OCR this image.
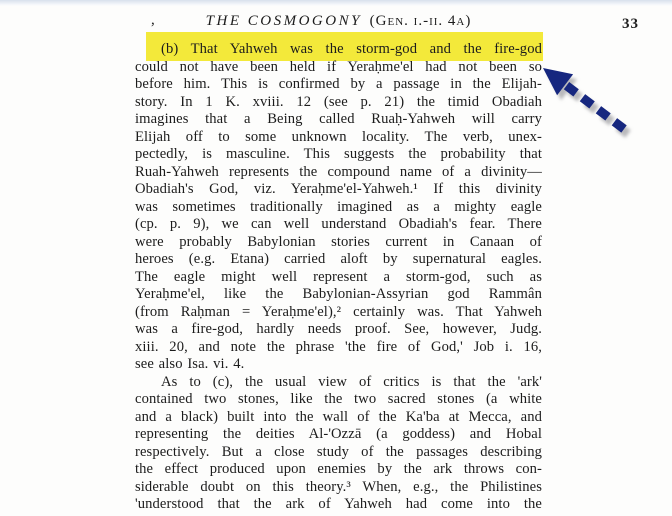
,	THE COSMOGONY (Gen. i.-ii. 4a)	33
(b) That Yahweh was the storm-god and the fire-god
could not have been held if Yeraḥme'el had not been so
before him. This is confirmed by a passage in the Elijah-
story. In 1 K. xviii. 12 (see p. 21) the timid Obadiah
imagines that a Being called Ruaḥ-Yahweh will carry
Elijah off to some unknown locality. The verb, unex-
pectedly, is masculine. This suggests the probability that
Ruah-Yahweh represents the compound name of a divinity—
Obadiah's God, viz. Yeraḥme'el-Yahweh.¹ If this divinity
was sometimes traditionally imagined as a mighty eagle
(cp. p. 9), we can well understand Obadiah's fear. There
were probably Babylonian stories current in Canaan of
heroes (e.g. Etana) carried aloft by supernatural eagles.
The eagle might well represent a storm-god, such as
Yeraḥme'el, like the Babylonian-Assyrian god Rammân
(from Raḥman = Yeraḥme'el),² certainly was. That Yahweh
was a fire-god, hardly needs proof. See, however, Judg.
xiii. 20, and note the phrase 'the fire of God,' Job i. 16,
see also Isa. vi. 4.
As to (c), the usual view of critics is that the 'ark'
contained two stones, like the two sacred stones (a white
and a black) built into the wall of the Ka'ba at Mecca, and
representing the deities Al-'Ozzā (a goddess) and Hobal
respectively. But a close study of the passages describing
the effect produced upon enemies by the ark throws con-
siderable doubt on this theory.³ When, e.g., the Philistines
'understood that the ark of Yahweh had come into the
